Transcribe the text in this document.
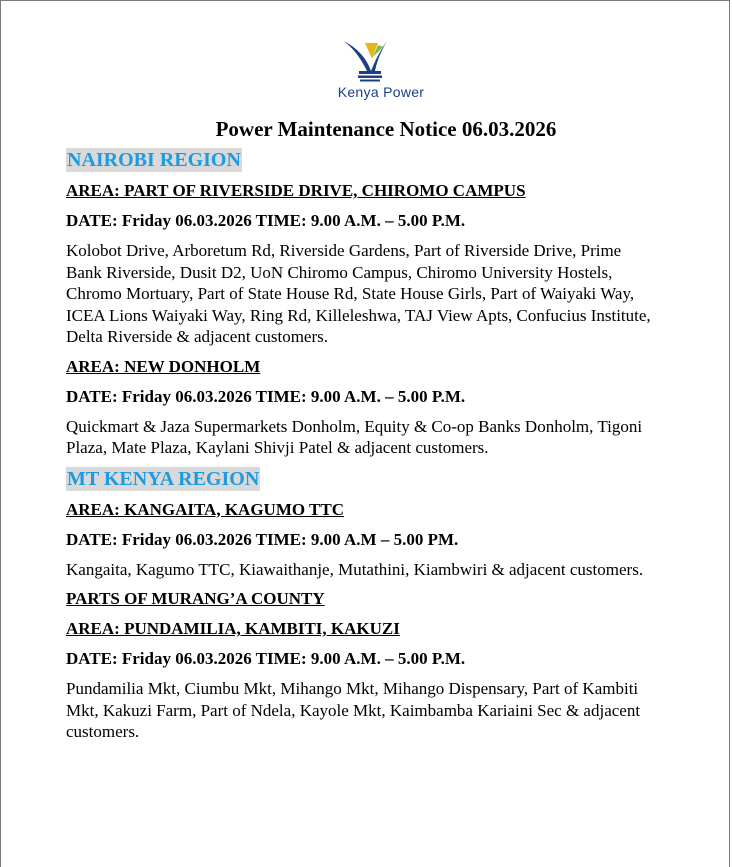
Kenya Power
Power Maintenance Notice 06.03.2026
NAIROBI REGION
AREA: PART OF RIVERSIDE DRIVE, CHIROMO CAMPUS
DATE: Friday 06.03.2026 TIME: 9.00 A.M. – 5.00 P.M.
Kolobot Drive, Arboretum Rd, Riverside Gardens, Part of Riverside Drive, Prime Bank Riverside, Dusit D2, UoN Chiromo Campus, Chiromo University Hostels, Chromo Mortuary, Part of State House Rd, State House Girls, Part of Waiyaki Way, ICEA Lions Waiyaki Way, Ring Rd, Killeleshwa, TAJ View Apts, Confucius Institute, Delta Riverside & adjacent customers.
AREA: NEW DONHOLM
DATE: Friday 06.03.2026 TIME: 9.00 A.M. – 5.00 P.M.
Quickmart & Jaza Supermarkets Donholm, Equity & Co-op Banks Donholm, Tigoni Plaza, Mate Plaza, Kaylani Shivji Patel & adjacent customers.
MT KENYA REGION
AREA: KANGAITA, KAGUMO TTC
DATE: Friday 06.03.2026 TIME: 9.00 A.M – 5.00 PM.
Kangaita, Kagumo TTC, Kiawaithanje, Mutathini, Kiambwiri & adjacent customers.
PARTS OF MURANG’A COUNTY
AREA: PUNDAMILIA, KAMBITI, KAKUZI
DATE: Friday 06.03.2026 TIME: 9.00 A.M. – 5.00 P.M.
Pundamilia Mkt, Ciumbu Mkt, Mihango Mkt, Mihango Dispensary, Part of Kambiti Mkt, Kakuzi Farm, Part of Ndela, Kayole Mkt, Kaimbamba Kariaini Sec & adjacent customers.
